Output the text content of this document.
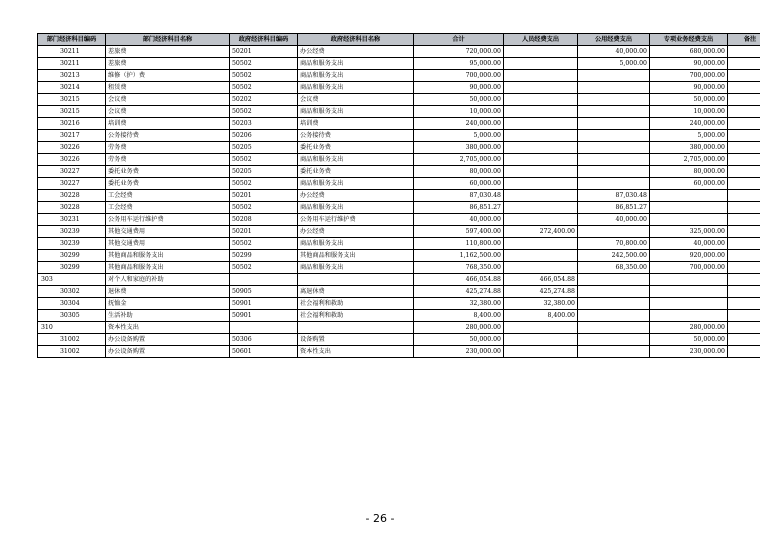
部门经济科目编码	部门经济科目名称	政府经济科目编码	政府经济科目名称	合计	人员经费支出	公用经费支出	专项业务经费支出	备注
30211	差旅费	50201	办公经费	720,000.00		40,000.00	680,000.00	
30211	差旅费	50502	商品和服务支出	95,000.00		5,000.00	90,000.00	
30213	维修（护）费	50502	商品和服务支出	700,000.00			700,000.00	
30214	租赁费	50502	商品和服务支出	90,000.00			90,000.00	
30215	会议费	50202	会议费	50,000.00			50,000.00	
30215	会议费	50502	商品和服务支出	10,000.00			10,000.00	
30216	培训费	50203	培训费	240,000.00			240,000.00	
30217	公务接待费	50206	公务接待费	5,000.00			5,000.00	
30226	劳务费	50205	委托业务费	380,000.00			380,000.00	
30226	劳务费	50502	商品和服务支出	2,705,000.00			2,705,000.00	
30227	委托业务费	50205	委托业务费	80,000.00			80,000.00	
30227	委托业务费	50502	商品和服务支出	60,000.00			60,000.00	
30228	工会经费	50201	办公经费	87,030.48		87,030.48		
30228	工会经费	50502	商品和服务支出	86,851.27		86,851.27		
30231	公务用车运行维护费	50208	公务用车运行维护费	40,000.00		40,000.00		
30239	其他交通费用	50201	办公经费	597,400.00	272,400.00		325,000.00	
30239	其他交通费用	50502	商品和服务支出	110,800.00		70,800.00	40,000.00	
30299	其他商品和服务支出	50299	其他商品和服务支出	1,162,500.00		242,500.00	920,000.00	
30299	其他商品和服务支出	50502	商品和服务支出	768,350.00		68,350.00	700,000.00	
303	对个人和家庭的补助			466,054.88	466,054.88			
30302	退休费	50905	离退休费	425,274.88	425,274.88			
30304	抚恤金	50901	社会福利和救助	32,380.00	32,380.00			
30305	生活补助	50901	社会福利和救助	8,400.00	8,400.00			
310	资本性支出			280,000.00			280,000.00	
31002	办公设备购置	50306	设备购置	50,000.00			50,000.00	
31002	办公设备购置	50601	资本性支出	230,000.00			230,000.00	
- 26 -
